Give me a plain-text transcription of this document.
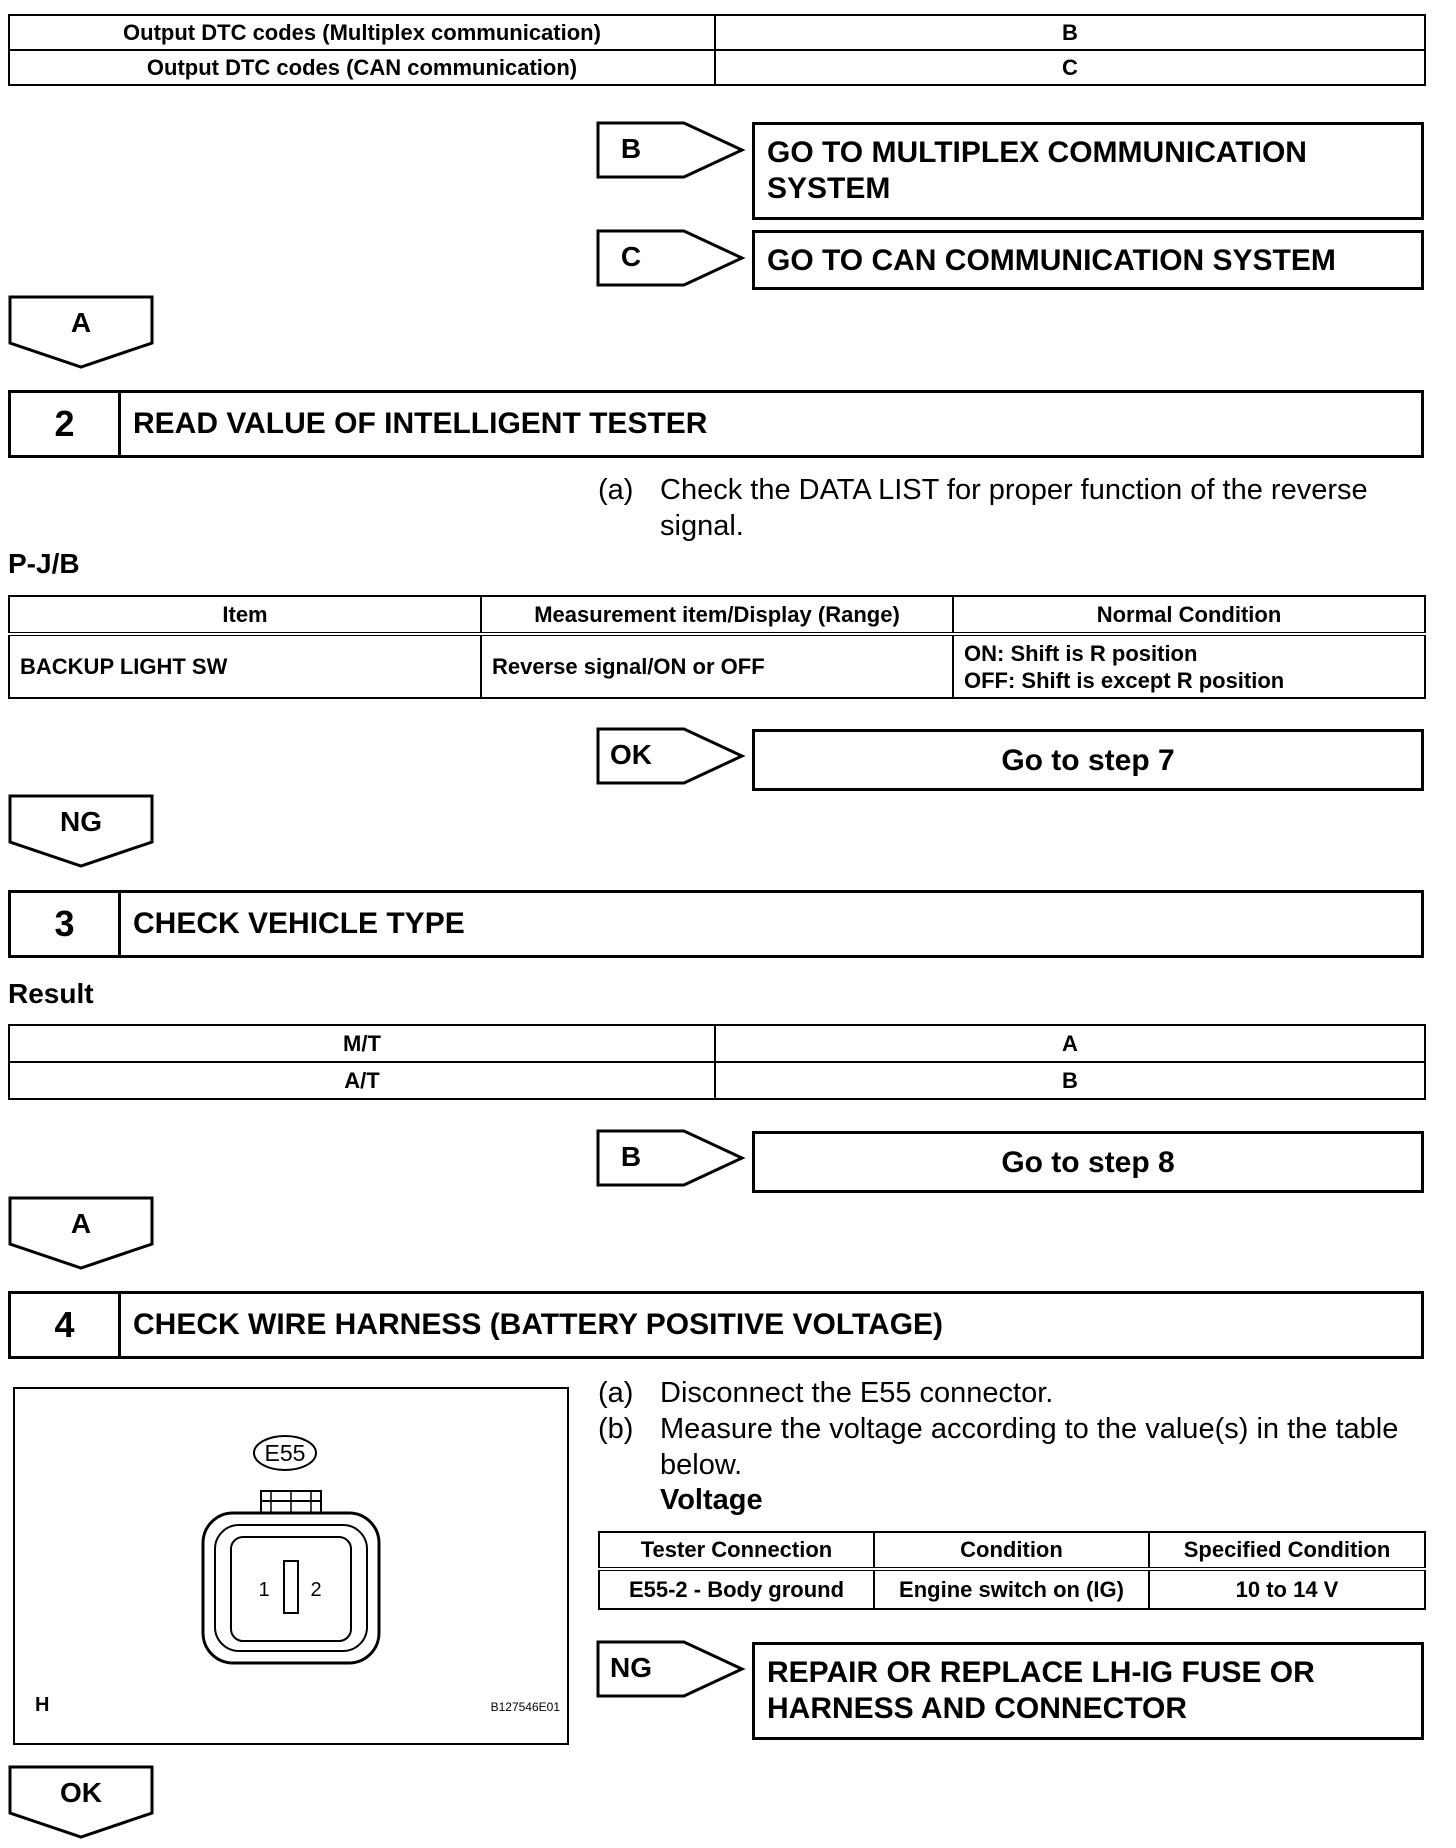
Output DTC codes (Multiplex communication)	B
Output DTC codes (CAN communication)	C
B	GO TO MULTIPLEX COMMUNICATION SYSTEM
C	GO TO CAN COMMUNICATION SYSTEM
A
2	READ VALUE OF INTELLIGENT TESTER
(a) Check the DATA LIST for proper function of the reverse signal.
P-J/B
Item	Measurement item/Display (Range)	Normal Condition
BACKUP LIGHT SW	Reverse signal/ON or OFF	ON: Shift is R position
OFF: Shift is except R position
OK	Go to step 7
NG
3	CHECK VEHICLE TYPE
Result
M/T	A
A/T	B
B	Go to step 8
A
4	CHECK WIRE HARNESS (BATTERY POSITIVE VOLTAGE)
1 2
E55
H	B127546E01
(a) Disconnect the E55 connector.
(b) Measure the voltage according to the value(s) in the table below.
Voltage
Tester Connection	Condition	Specified Condition
E55-2 - Body ground	Engine switch on (IG)	10 to 14 V
NG	REPAIR OR REPLACE LH-IG FUSE OR HARNESS AND CONNECTOR
OK
